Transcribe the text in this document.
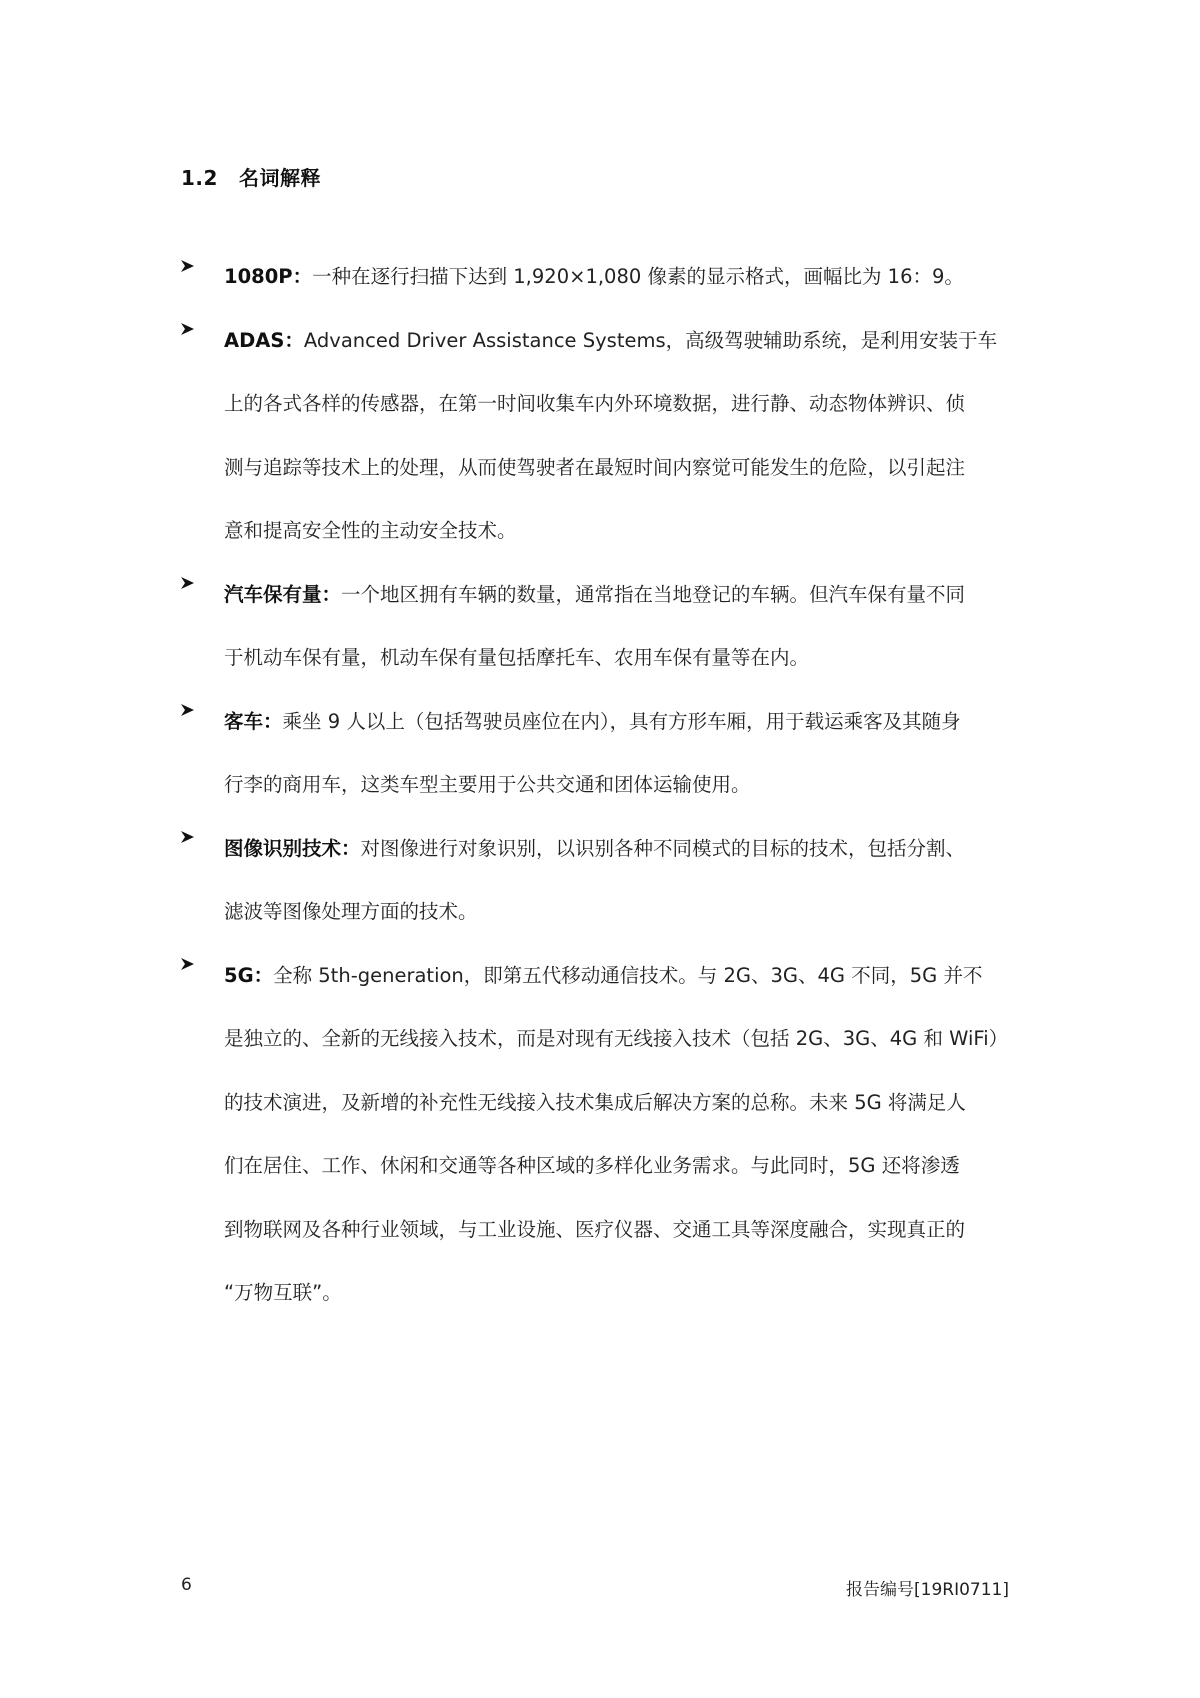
1.2 名词解释
1080P：一种在逐行扫描下达到 1,920×1,080 像素的显示格式，画幅比为 16：9。
ADAS：Advanced Driver Assistance Systems，高级驾驶辅助系统，是利用安装于车
上的各式各样的传感器，在第一时间收集车内外环境数据，进行静、动态物体辨识、侦
测与追踪等技术上的处理，从而使驾驶者在最短时间内察觉可能发生的危险，以引起注
意和提高安全性的主动安全技术。
汽车保有量：一个地区拥有车辆的数量，通常指在当地登记的车辆。但汽车保有量不同
于机动车保有量，机动车保有量包括摩托车、农用车保有量等在内。
客车：乘坐 9 人以上（包括驾驶员座位在内），具有方形车厢，用于载运乘客及其随身
行李的商用车，这类车型主要用于公共交通和团体运输使用。
图像识别技术：对图像进行对象识别，以识别各种不同模式的目标的技术，包括分割、
滤波等图像处理方面的技术。
5G：全称 5th-generation，即第五代移动通信技术。与 2G、3G、4G 不同，5G 并不
是独立的、全新的无线接入技术，而是对现有无线接入技术（包括 2G、3G、4G 和 WiFi）
的技术演进，及新增的补充性无线接入技术集成后解决方案的总称。未来 5G 将满足人
们在居住、工作、休闲和交通等各种区域的多样化业务需求。与此同时，5G 还将渗透
到物联网及各种行业领域，与工业设施、医疗仪器、交通工具等深度融合，实现真正的
“万物互联”。
6	报告编号[19RI0711]
